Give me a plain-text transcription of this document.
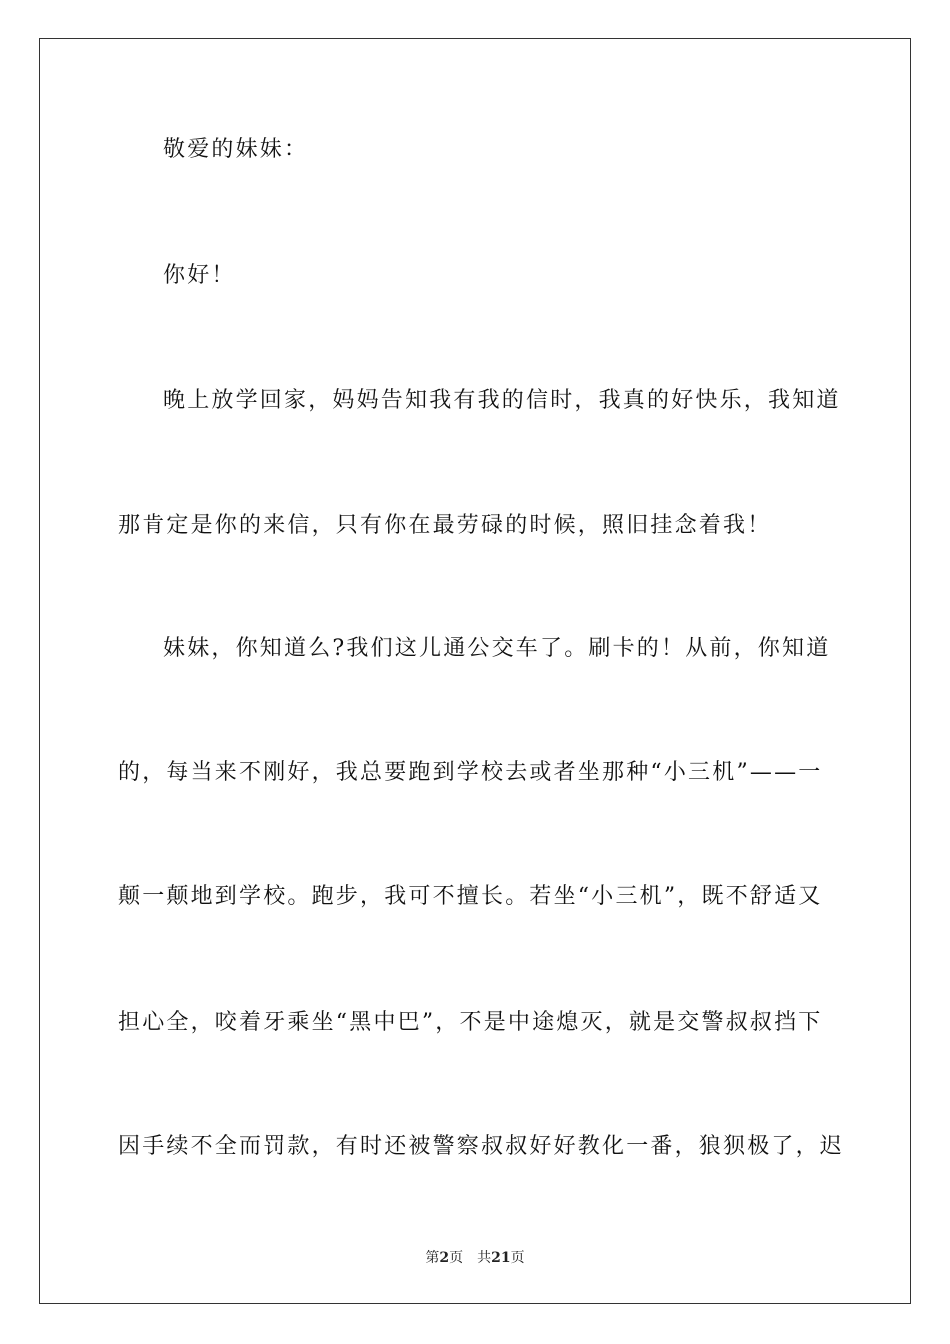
敬爱的妹妹：
你好！
晚上放学回家，妈妈告知我有我的信时，我真的好快乐，我知道
那肯定是你的来信，只有你在最劳碌的时候，照旧挂念着我！
妹妹，你知道么?我们这儿通公交车了。刷卡的！从前，你知道
的，每当来不刚好，我总要跑到学校去或者坐那种“小三机”——一
颠一颠地到学校。跑步，我可不擅长。若坐“小三机”，既不舒适又
担心全，咬着牙乘坐“黑中巴”，不是中途熄灭，就是交警叔叔挡下
因手续不全而罚款，有时还被警察叔叔好好教化一番，狼狈极了，迟
第2页 共21页
